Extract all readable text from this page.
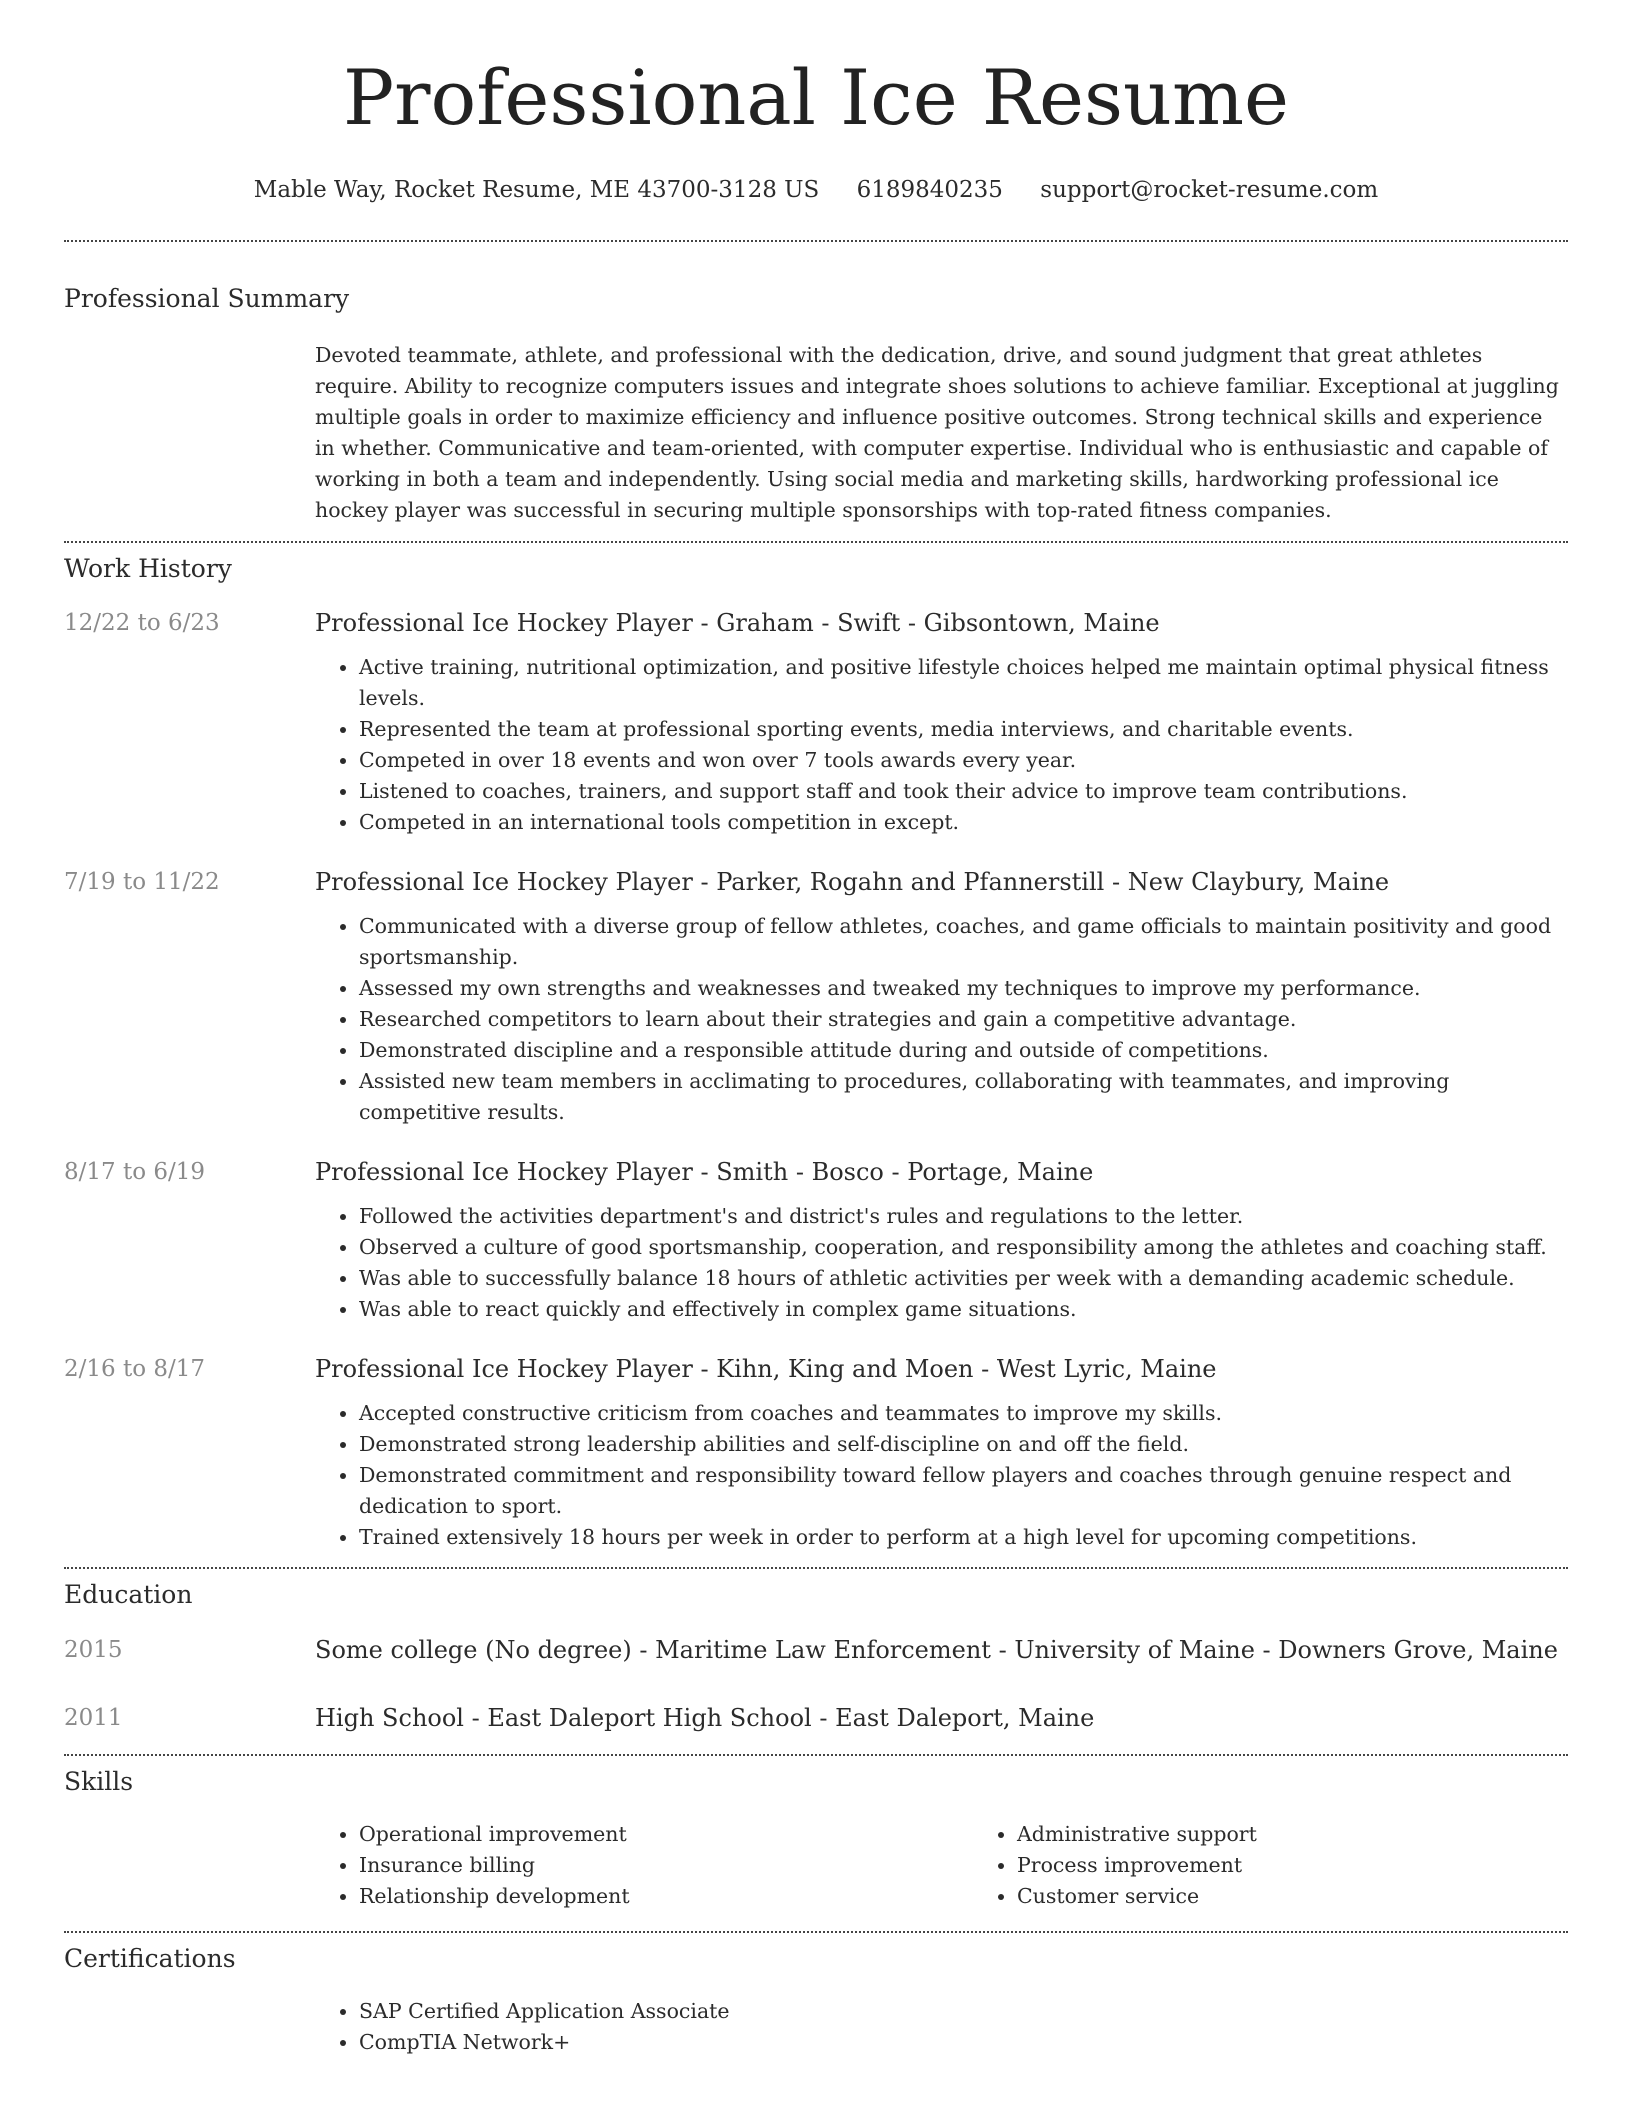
Professional Ice Resume
Mable Way, Rocket Resume, ME 43700-3128 US 6189840235 support@rocket-resume.com
Professional Summary
Devoted teammate, athlete, and professional with the dedication, drive, and sound judgment that great athletes require. Ability to recognize computers issues and integrate shoes solutions to achieve familiar. Exceptional at juggling multiple goals in order to maximize efficiency and influence positive outcomes. Strong technical skills and experience in whether. Communicative and team-oriented, with computer expertise. Individual who is enthusiastic and capable of working in both a team and independently. Using social media and marketing skills, hardworking professional ice hockey player was successful in securing multiple sponsorships with top-rated fitness companies.
Work History
12/22 to 6/23	Professional Ice Hockey Player - Graham - Swift - Gibsontown, Maine
• Active training, nutritional optimization, and positive lifestyle choices helped me maintain optimal physical fitness levels.
• Represented the team at professional sporting events, media interviews, and charitable events.
• Competed in over 18 events and won over 7 tools awards every year.
• Listened to coaches, trainers, and support staff and took their advice to improve team contributions.
• Competed in an international tools competition in except.
7/19 to 11/22	Professional Ice Hockey Player - Parker, Rogahn and Pfannerstill - New Claybury, Maine
• Communicated with a diverse group of fellow athletes, coaches, and game officials to maintain positivity and good sportsmanship.
• Assessed my own strengths and weaknesses and tweaked my techniques to improve my performance.
• Researched competitors to learn about their strategies and gain a competitive advantage.
• Demonstrated discipline and a responsible attitude during and outside of competitions.
• Assisted new team members in acclimating to procedures, collaborating with teammates, and improving competitive results.
8/17 to 6/19	Professional Ice Hockey Player - Smith - Bosco - Portage, Maine
• Followed the activities department's and district's rules and regulations to the letter.
• Observed a culture of good sportsmanship, cooperation, and responsibility among the athletes and coaching staff.
• Was able to successfully balance 18 hours of athletic activities per week with a demanding academic schedule.
• Was able to react quickly and effectively in complex game situations.
2/16 to 8/17	Professional Ice Hockey Player - Kihn, King and Moen - West Lyric, Maine
• Accepted constructive criticism from coaches and teammates to improve my skills.
• Demonstrated strong leadership abilities and self-discipline on and off the field.
• Demonstrated commitment and responsibility toward fellow players and coaches through genuine respect and dedication to sport.
• Trained extensively 18 hours per week in order to perform at a high level for upcoming competitions.
Education
2015	Some college (No degree) - Maritime Law Enforcement - University of Maine - Downers Grove, Maine
2011	High School - East Daleport High School - East Daleport, Maine
Skills
• Operational improvement
• Insurance billing
• Relationship development
• Administrative support
• Process improvement
• Customer service
Certifications
• SAP Certified Application Associate
• CompTIA Network+
